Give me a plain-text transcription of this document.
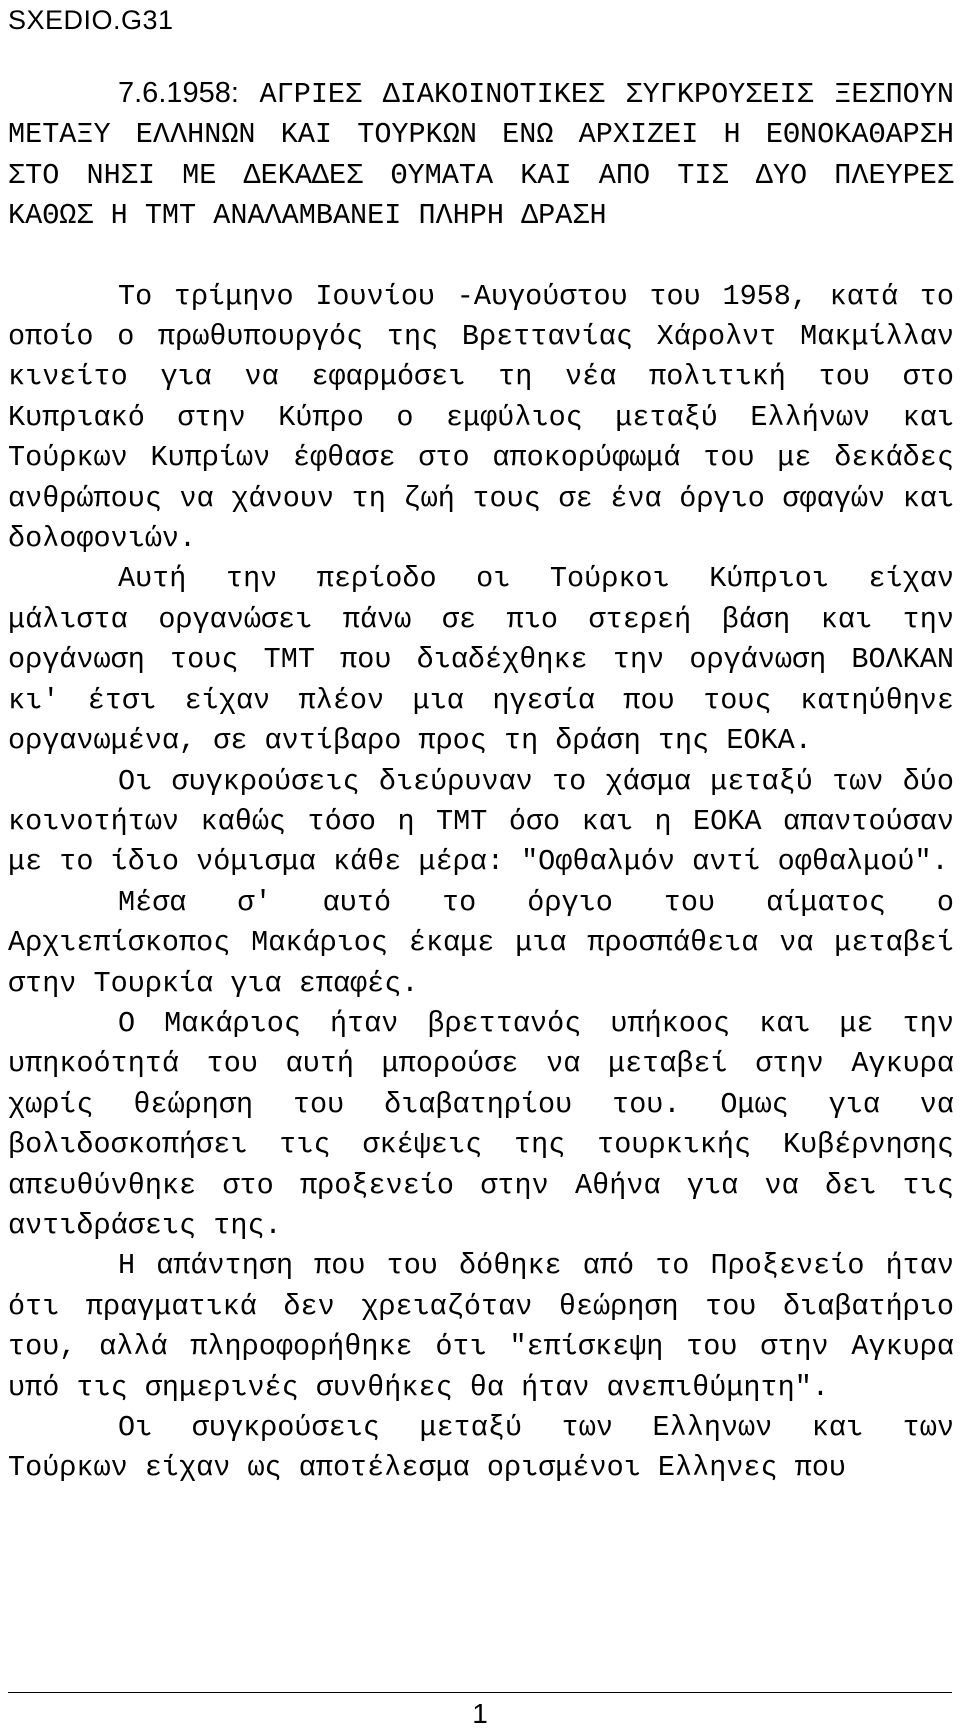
SXEDIO.G31

7.6.1958: ΑΓΡΙΕΣ ΔΙΑΚΟΙΝΟΤΙΚΕΣ ΣΥΓΚΡΟΥΣΕΙΣ ΞΕΣΠΟΥΝ ΜΕΤΑΞΥ ΕΛΛΗΝΩΝ ΚΑΙ ΤΟΥΡΚΩΝ ΕΝΩ ΑΡΧΙΖΕΙ Η ΕΘΝΟΚΑΘΑΡΣΗ ΣΤΟ ΝΗΣΙ ΜΕ ΔΕΚΑΔΕΣ ΘΥΜΑΤΑ ΚΑΙ ΑΠΟ ΤΙΣ ΔΥΟ ΠΛΕΥΡΕΣ ΚΑΘΩΣ Η ΤΜΤ ΑΝΑΛΑΜΒΑΝΕΙ ΠΛΗΡΗ ΔΡΑΣΗ

Το τρίμηνο Ιουνίου -Αυγούστου του 1958, κατά το οποίο ο πρωθυπουργός της Βρεττανίας Χάρολντ Μακμίλλαν κινείτο για να εφαρμόσει τη νέα πολιτική του στο Κυπριακό στην Κύπρο ο εμφύλιος μεταξύ Ελλήνων και Τούρκων Κυπρίων έφθασε στο αποκορύφωμά του με δεκάδες ανθρώπους να χάνουν τη ζωή τους σε ένα όργιο σφαγών και δολοφονιών.

Αυτή την περίοδο οι Τούρκοι Κύπριοι είχαν μάλιστα οργανώσει πάνω σε πιο στερεή βάση και την οργάνωση τους ΤΜΤ που διαδέχθηκε την οργάνωση ΒΟΛΚΑΝ κι' έτσι είχαν πλέον μια ηγεσία που τους κατηύθηνε οργανωμένα, σε αντίβαρο προς τη δράση της ΕΟΚΑ.

Οι συγκρούσεις διεύρυναν το χάσμα μεταξύ των δύο κοινοτήτων καθώς τόσο η ΤΜΤ όσο και η ΕΟΚΑ απαντούσαν με το ίδιο νόμισμα κάθε μέρα: "Οφθαλμόν αντί οφθαλμού".

Μέσα σ' αυτό το όργιο του αίματος ο Αρχιεπίσκοπος Μακάριος έκαμε μια προσπάθεια να μεταβεί στην Τουρκία για επαφές.

Ο Μακάριος ήταν βρεττανός υπήκοος και με την υπηκοότητά του αυτή μπορούσε να μεταβεί στην Αγκυρα χωρίς θεώρηση του διαβατηρίου του. Ομως για να βολιδοσκοπήσει τις σκέψεις της τουρκικής Κυβέρνησης απευθύνθηκε στο προξενείο στην Αθήνα για να δει τις αντιδράσεις της.

Η απάντηση που του δόθηκε από το Προξενείο ήταν ότι πραγματικά δεν χρειαζόταν θεώρηση του διαβατήριο του, αλλά πληροφορήθηκε ότι "επίσκεψη του στην Αγκυρα υπό τις σημερινές συνθήκες θα ήταν ανεπιθύμητη".

Οι συγκρούσεις μεταξύ των Ελληνων και των Τούρκων είχαν ως αποτέλεσμα ορισμένοι Ελληνες που

1
